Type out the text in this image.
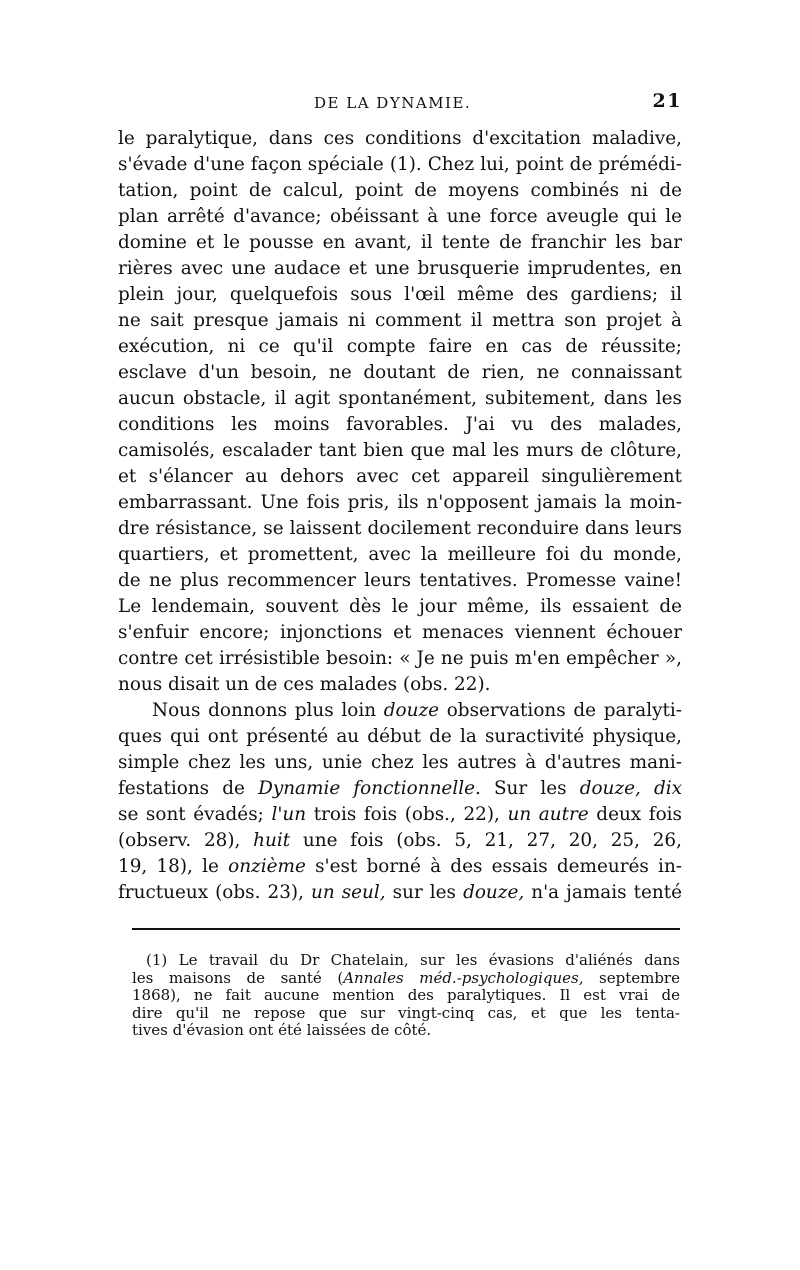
DE LA DYNAMIE.	21

le paralytique, dans ces conditions d'excitation maladive,
s'évade d'une façon spéciale (1). Chez lui, point de prémédi-
tation, point de calcul, point de moyens combinés ni de
plan arrêté d'avance; obéissant à une force aveugle qui le
domine et le pousse en avant, il tente de franchir les bar
rières avec une audace et une brusquerie imprudentes, en
plein jour, quelquefois sous l'œil même des gardiens; il
ne sait presque jamais ni comment il mettra son projet à
exécution, ni ce qu'il compte faire en cas de réussite;
esclave d'un besoin, ne doutant de rien, ne connaissant
aucun obstacle, il agit spontanément, subitement, dans les
conditions les moins favorables. J'ai vu des malades,
camisolés, escalader tant bien que mal les murs de clôture,
et s'élancer au dehors avec cet appareil singulièrement
embarrassant. Une fois pris, ils n'opposent jamais la moin-
dre résistance, se laissent docilement reconduire dans leurs
quartiers, et promettent, avec la meilleure foi du monde,
de ne plus recommencer leurs tentatives. Promesse vaine!
Le lendemain, souvent dès le jour même, ils essaient de
s'enfuir encore; injonctions et menaces viennent échouer
contre cet irrésistible besoin: « Je ne puis m'en empêcher »,
nous disait un de ces malades (obs. 22).

Nous donnons plus loin douze observations de paralyti-
ques qui ont présenté au début de la suractivité physique,
simple chez les uns, unie chez les autres à d'autres mani-
festations de Dynamie fonctionnelle. Sur les douze, dix
se sont évadés; l'un trois fois (obs., 22), un autre deux fois
(observ. 28), huit une fois (obs. 5, 21, 27, 20, 25, 26,
19, 18), le onzième s'est borné à des essais demeurés in-
fructueux (obs. 23), un seul, sur les douze, n'a jamais tenté

(1) Le travail du Dr Chatelain, sur les évasions d'aliénés dans
les maisons de santé (Annales méd.-psychologiques, septembre
1868), ne fait aucune mention des paralytiques. Il est vrai de
dire qu'il ne repose que sur vingt-cinq cas, et que les tenta-
tives d'évasion ont été laissées de côté.
